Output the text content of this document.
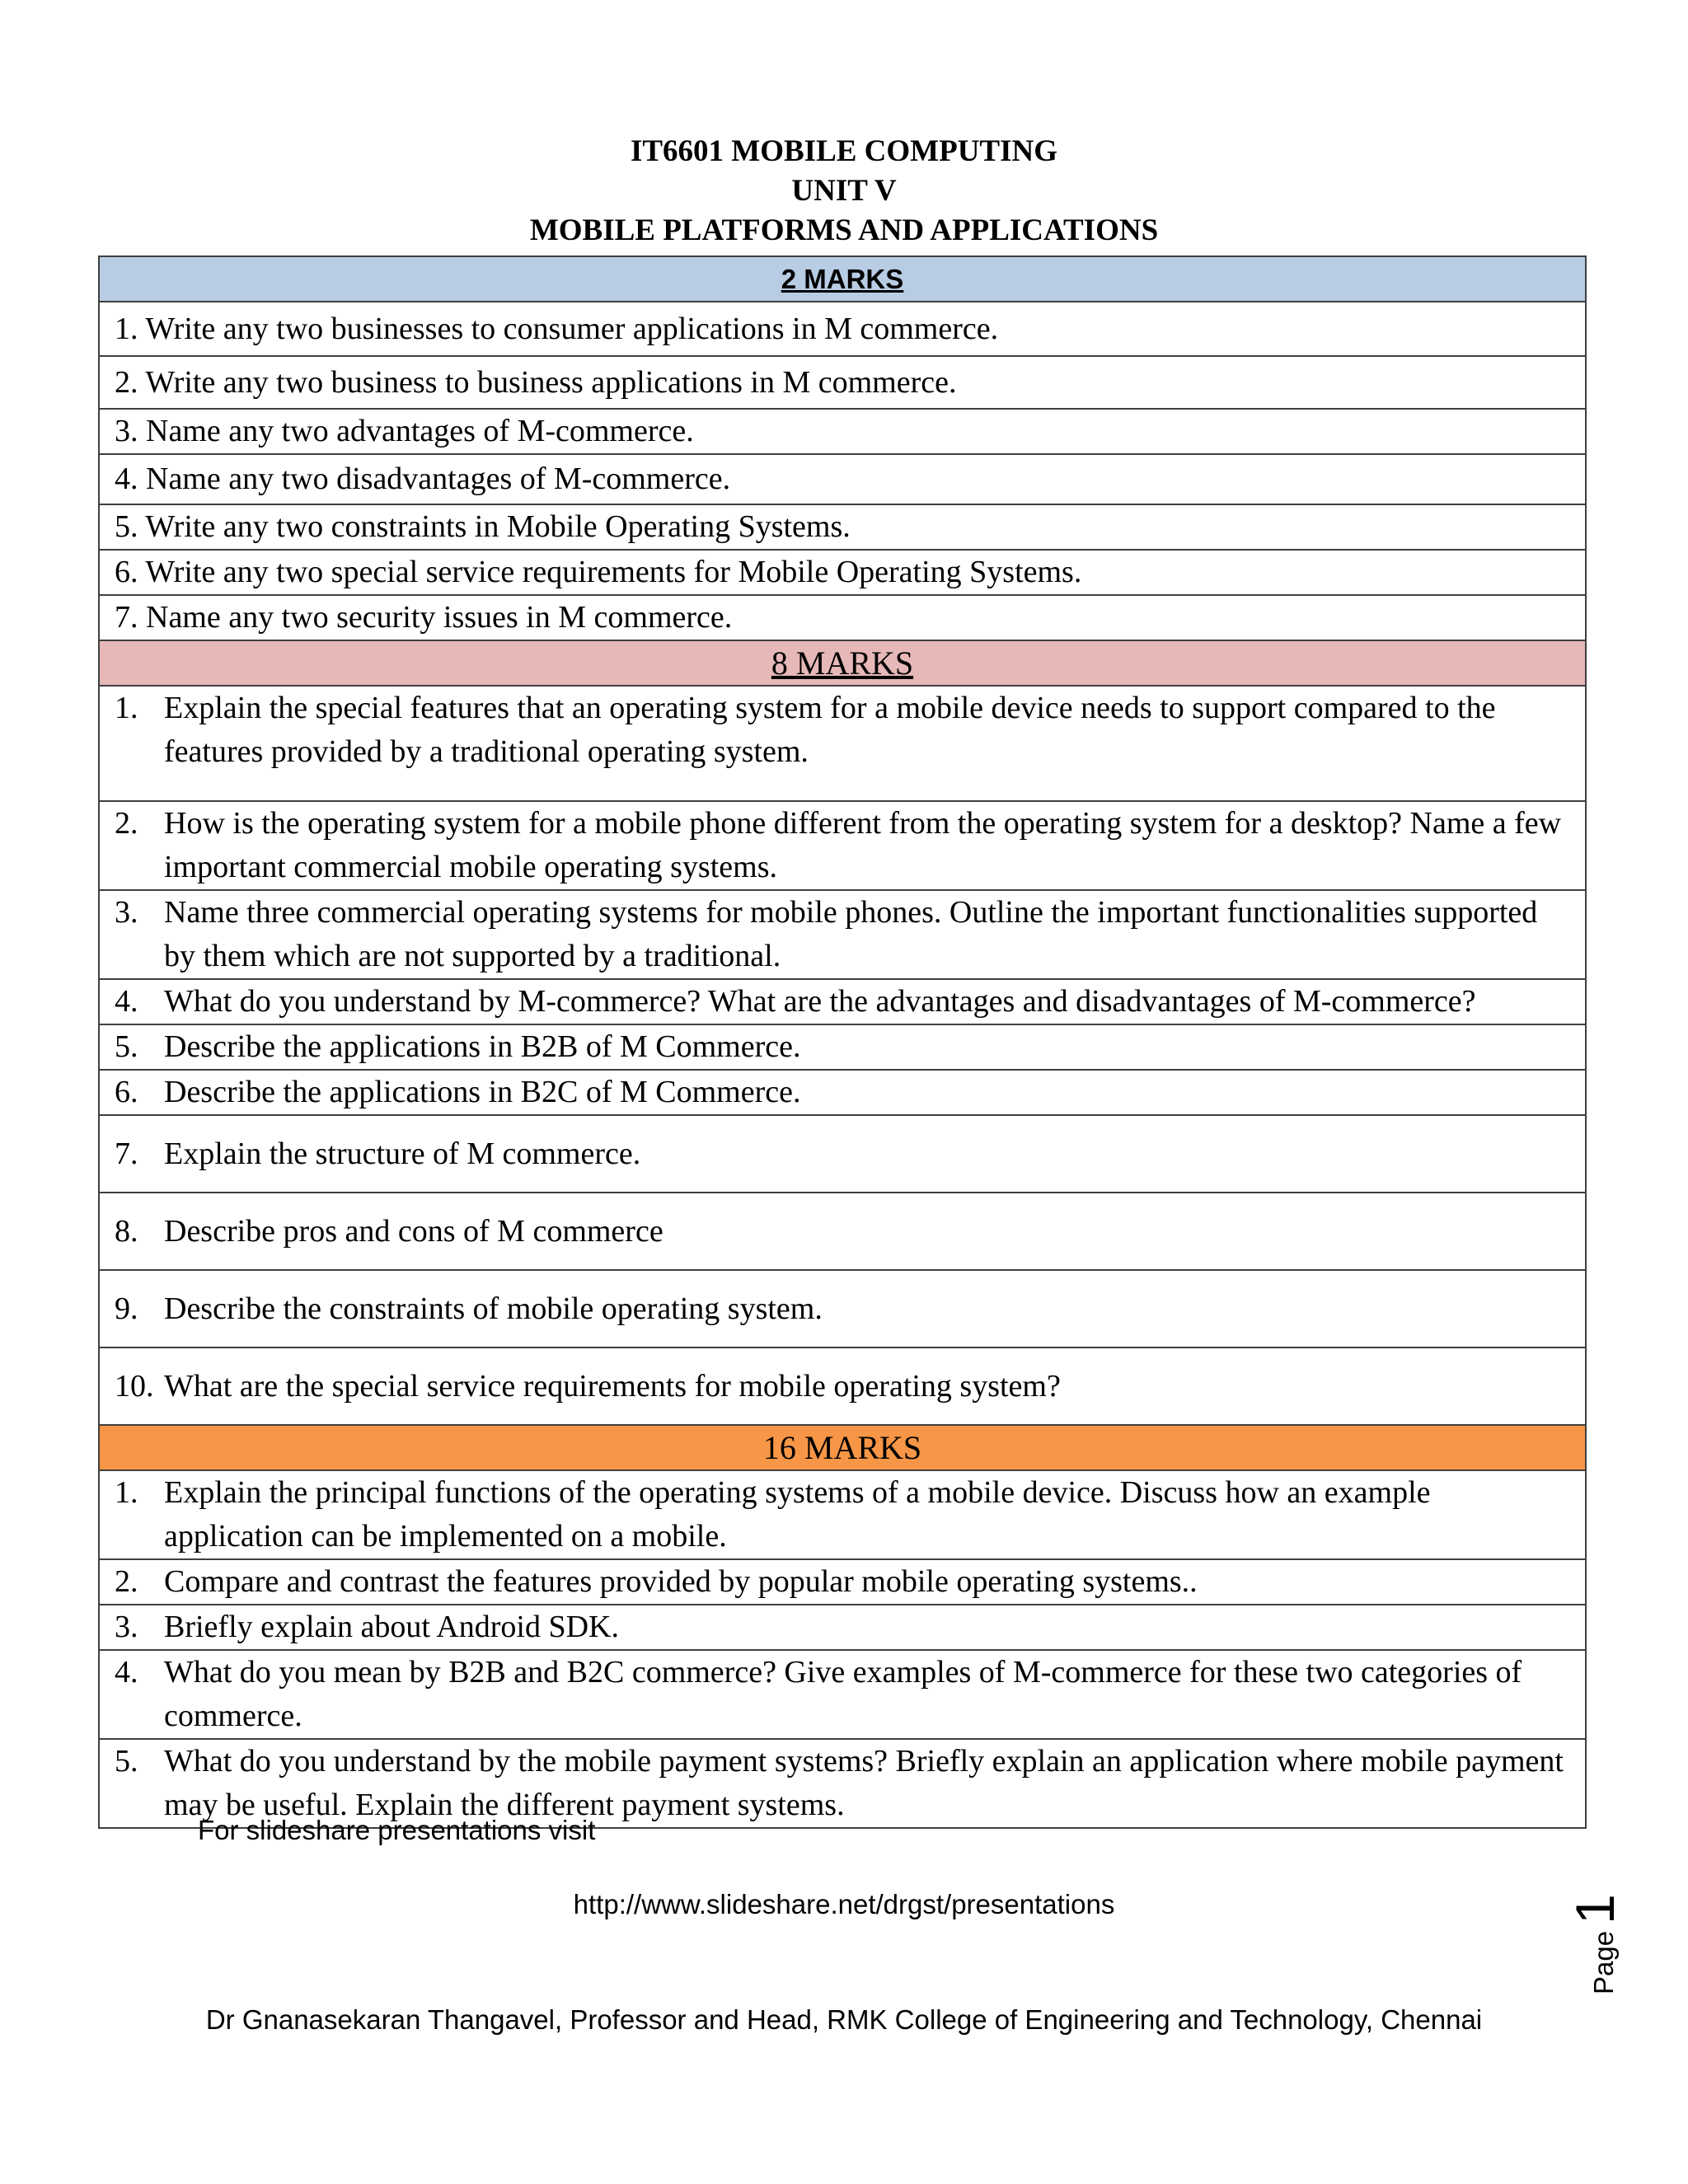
IT6601 MOBILE COMPUTING
UNIT V
MOBILE PLATFORMS AND APPLICATIONS
2 MARKS
1. Write any two businesses to consumer applications in M commerce.
2. Write any two business to business applications in M commerce.
3. Name any two advantages of M-commerce.
4. Name any two disadvantages of M-commerce.
5. Write any two constraints in Mobile Operating Systems.
6. Write any two special service requirements for Mobile Operating Systems.
7. Name any two security issues in M commerce.
8 MARKS

1. Explain the special features that an operating system for a mobile device needs to support compared to the features provided by a traditional operating system.

2. How is the operating system for a mobile phone different from the operating system for a desktop? Name a few important commercial mobile operating systems.

3. Name three commercial operating systems for mobile phones. Outline the important functionalities supported by them which are not supported by a traditional.

4. What do you understand by M-commerce? What are the advantages and disadvantages of M-commerce?

5. Describe the applications in B2B of M Commerce.

6. Describe the applications in B2C of M Commerce.

7. Explain the structure of M commerce.

8. Describe pros and cons of M commerce

9. Describe the constraints of mobile operating system.

10. What are the special service requirements for mobile operating system?

16 MARKS

1. Explain the principal functions of the operating systems of a mobile device. Discuss how an example application can be implemented on a mobile.

2. Compare and contrast the features provided by popular mobile operating systems..

3. Briefly explain about Android SDK.

4. What do you mean by B2B and B2C commerce? Give examples of M-commerce for these two categories of commerce.

5. What do you understand by the mobile payment systems? Briefly explain an application where mobile payment may be useful. Explain the different payment systems.
For slideshare presentations visit
http://www.slideshare.net/drgst/presentations
Dr Gnanasekaran Thangavel, Professor and Head, RMK College of Engineering and Technology, Chennai
Page
1
